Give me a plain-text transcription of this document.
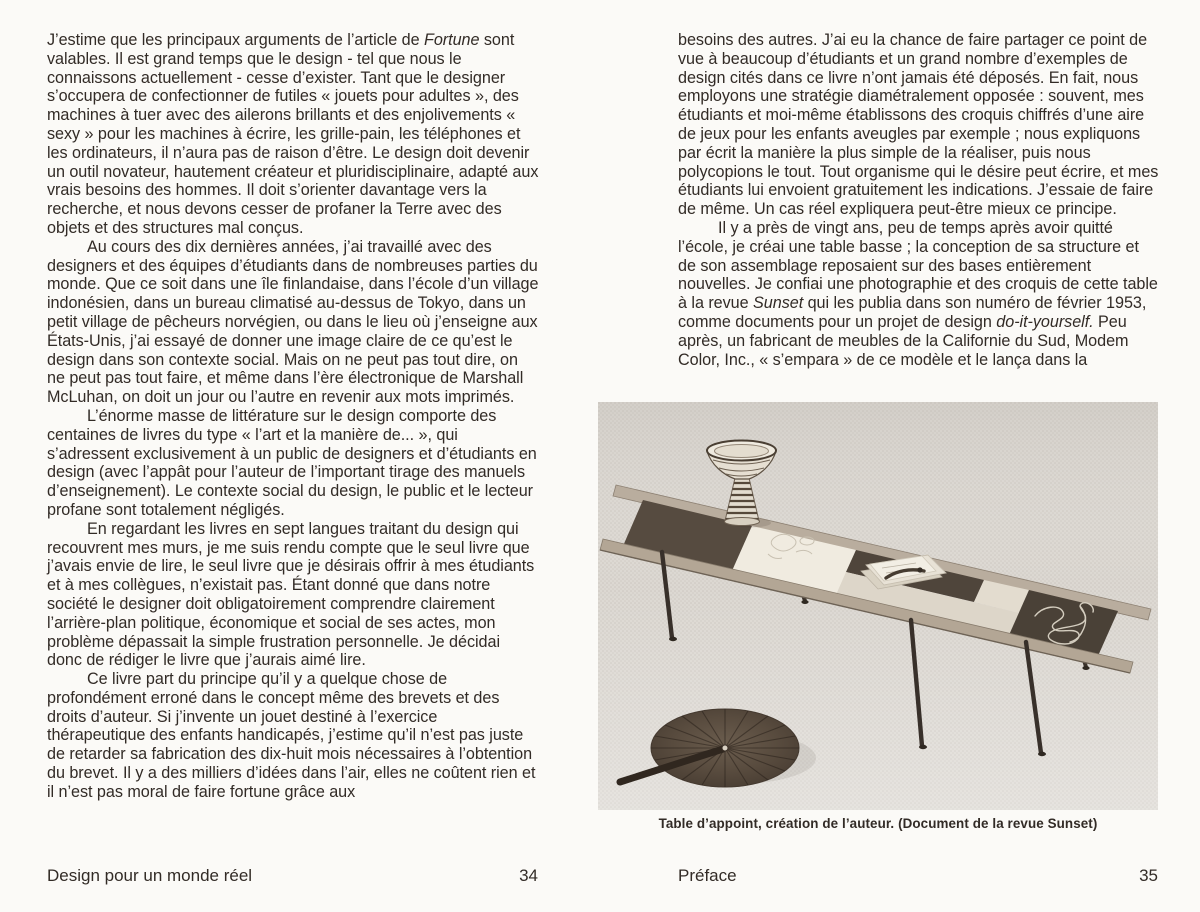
J’estime que les principaux arguments de l’article de Fortune sont valables. Il est grand temps que le design - tel que nous le connaissons actuellement - cesse d’exister. Tant que le designer s’occupera de confectionner de futiles « jouets pour adultes », des machines à tuer avec des ailerons brillants et des enjolivements « sexy » pour les machines à écrire, les grille-pain, les téléphones et les ordinateurs, il n’aura pas de raison d’être. Le design doit devenir un outil novateur, hautement créateur et pluridisciplinaire, adapté aux vrais besoins des hommes. Il doit s’orienter davantage vers la recherche, et nous devons cesser de profaner la Terre avec des objets et des structures mal conçus.

Au cours des dix dernières années, j’ai travaillé avec des designers et des équipes d’étudiants dans de nombreuses parties du monde. Que ce soit dans une île finlandaise, dans l’école d’un village indonésien, dans un bureau climatisé au-dessus de Tokyo, dans un petit village de pêcheurs norvégien, ou dans le lieu où j’enseigne aux États-Unis, j’ai essayé de donner une image claire de ce qu’est le design dans son contexte social. Mais on ne peut pas tout dire, on ne peut pas tout faire, et même dans l’ère électronique de Marshall McLuhan, on doit un jour ou l’autre en revenir aux mots imprimés.

L’énorme masse de littérature sur le design comporte des centaines de livres du type « l’art et la manière de... », qui s’adressent exclusivement à un public de designers et d’étudiants en design (avec l’appât pour l’auteur de l’important tirage des manuels d’enseignement). Le contexte social du design, le public et le lecteur profane sont totalement négligés.

En regardant les livres en sept langues traitant du design qui recouvrent mes murs, je me suis rendu compte que le seul livre que j’avais envie de lire, le seul livre que je désirais offrir à mes étudiants et à mes collègues, n’existait pas. Étant donné que dans notre société le designer doit obligatoirement comprendre clairement l’arrière-plan politique, économique et social de ses actes, mon problème dépassait la simple frustration personnelle. Je décidai donc de rédiger le livre que j’aurais aimé lire.

Ce livre part du principe qu’il y a quelque chose de profondément erroné dans le concept même des brevets et des droits d’auteur. Si j’invente un jouet destiné à l’exercice thérapeutique des enfants handicapés, j’estime qu’il n’est pas juste de retarder sa fabrication des dix-huit mois nécessaires à l’obtention du brevet. Il y a des milliers d’idées dans l’air, elles ne coûtent rien et il n’est pas moral de faire fortune grâce aux

Design pour un monde réel	34

besoins des autres. J’ai eu la chance de faire partager ce point de vue à beaucoup d’étudiants et un grand nombre d’exemples de design cités dans ce livre n’ont jamais été déposés. En fait, nous employons une stratégie diamétralement opposée : souvent, mes étudiants et moi-même établissons des croquis chiffrés d’une aire de jeux pour les enfants aveugles par exemple ; nous expliquons par écrit la manière la plus simple de la réaliser, puis nous polycopions le tout. Tout organisme qui le désire peut écrire, et mes étudiants lui envoient gratuitement les indications. J’essaie de faire de même. Un cas réel expliquera peut-être mieux ce principe.

Il y a près de vingt ans, peu de temps après avoir quitté l’école, je créai une table basse ; la conception de sa structure et de son assemblage reposaient sur des bases entièrement nouvelles. Je confiai une photographie et des croquis de cette table à la revue Sunset qui les publia dans son numéro de février 1953, comme documents pour un projet de design do-it-yourself. Peu après, un fabricant de meubles de la Californie du Sud, Modem Color, Inc., « s’empara » de ce modèle et le lança dans la

Table d’appoint, création de l’auteur. (Document de la revue Sunset)
Préface	35
